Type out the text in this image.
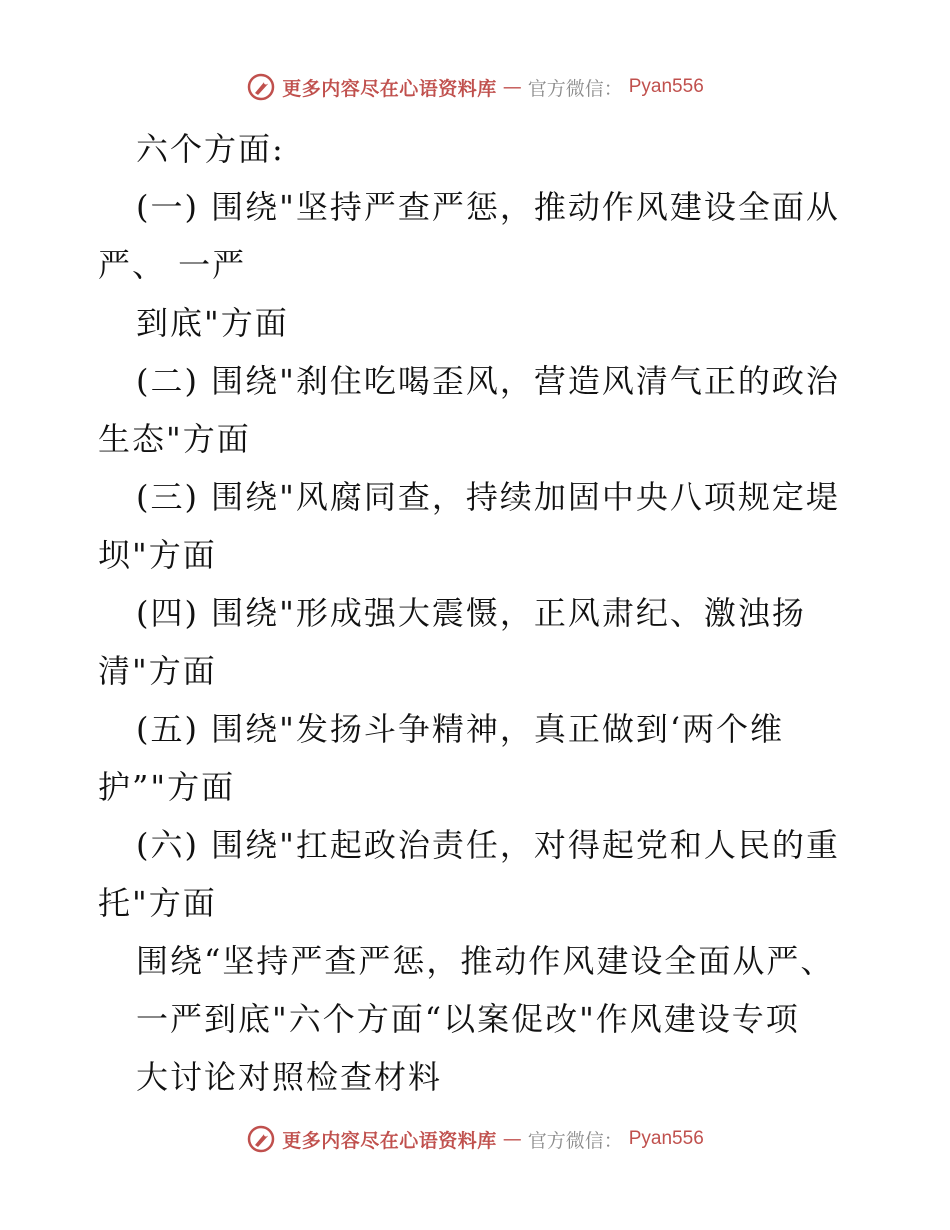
更多内容尽在心语资料库 — 官方微信： Pyan556
六个方面:
(一) 围绕"坚持严查严惩，推动作风建设全面从
严、 一严
到底"方面
(二) 围绕"刹住吃喝歪风，营造风清气正的政治
生态"方面
(三) 围绕"风腐同查，持续加固中央八项规定堤
坝"方面
(四) 围绕"形成强大震慑，正风肃纪、激浊扬
清"方面
(五) 围绕"发扬斗争精神，真正做到‘两个维
护”"方面
(六) 围绕"扛起政治责任，对得起党和人民的重
托"方面
围绕“坚持严查严惩，推动作风建设全面从严、
一严到底"六个方面“以案促改"作风建设专项
大讨论对照检查材料
更多内容尽在心语资料库 — 官方微信： Pyan556
